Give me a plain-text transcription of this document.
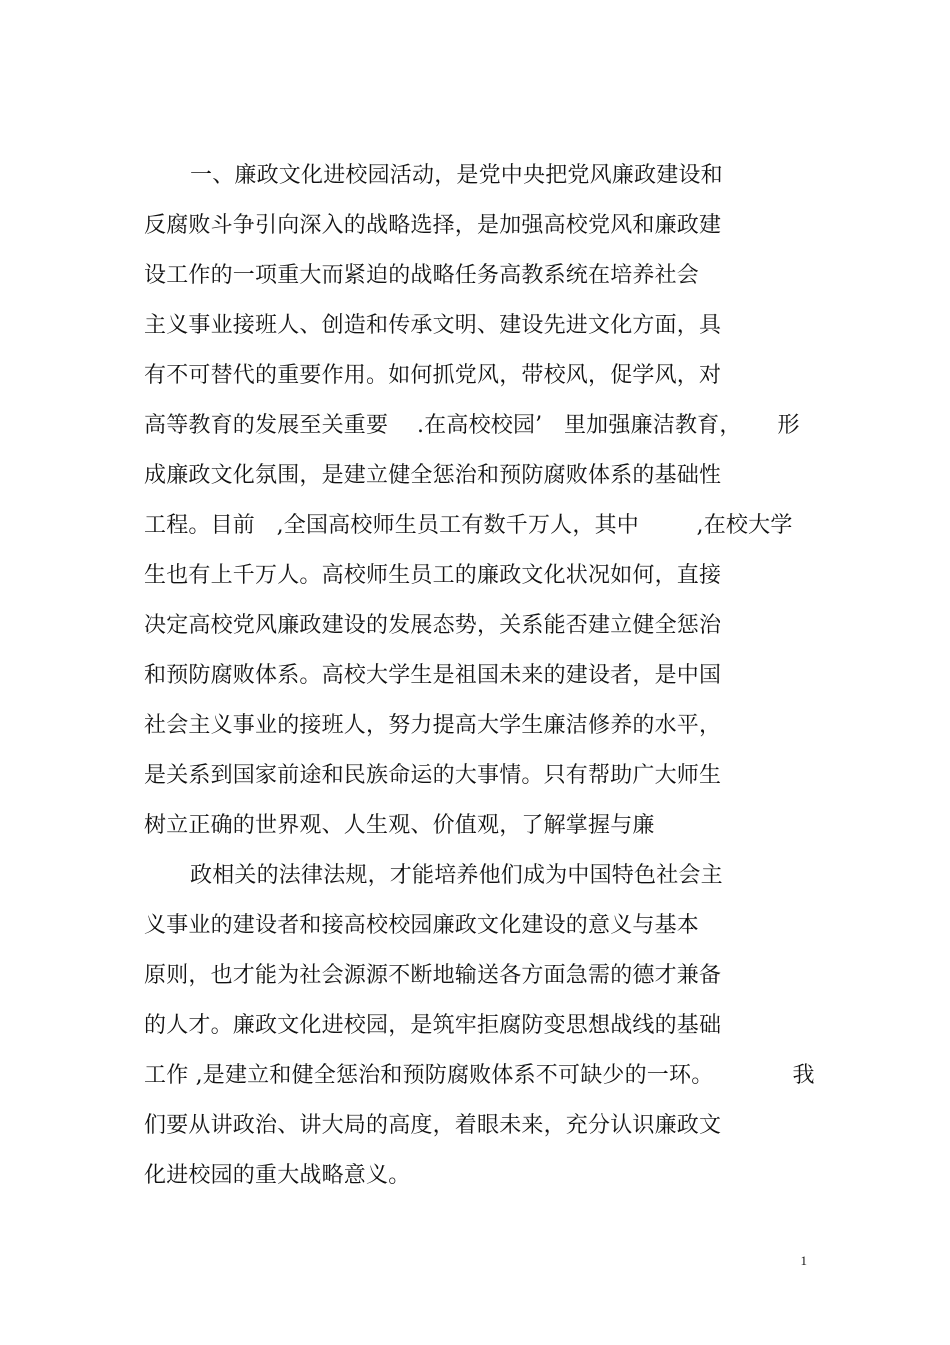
一、廉政文化进校园活动，是党中央把党风廉政建设和
反腐败斗争引向深入的战略选择，是加强高校党风和廉政建
设工作的一项重大而紧迫的战略任务高教系统在培养社会
主义事业接班人、创造和传承文明、建设先进文化方面，具
有不可替代的重要作用。如何抓党风，带校风，促学风，对
高等教育的发展至关重要    .在高校校园’   里加强廉洁教育，     形
成廉政文化氛围，是建立健全惩治和预防腐败体系的基础性
工程。目前   ,全国高校师生员工有数千万人，其中        ,在校大学
生也有上千万人。高校师生员工的廉政文化状况如何，直接
决定高校党风廉政建设的发展态势，关系能否建立健全惩治
和预防腐败体系。高校大学生是祖国未来的建设者，是中国
社会主义事业的接班人，努力提高大学生廉洁修养的水平，
是关系到国家前途和民族命运的大事情。只有帮助广大师生
树立正确的世界观、人生观、价值观，了解掌握与廉
政相关的法律法规，才能培养他们成为中国特色社会主
义事业的建设者和接高校校园廉政文化建设的意义与基本
原则，也才能为社会源源不断地输送各方面急需的德才兼备
的人才。廉政文化进校园，是筑牢拒腐防变思想战线的基础
工作 ,是建立和健全惩治和预防腐败体系不可缺少的一环。           我
们要从讲政治、讲大局的高度，着眼未来，充分认识廉政文
化进校园的重大战略意义。
1
